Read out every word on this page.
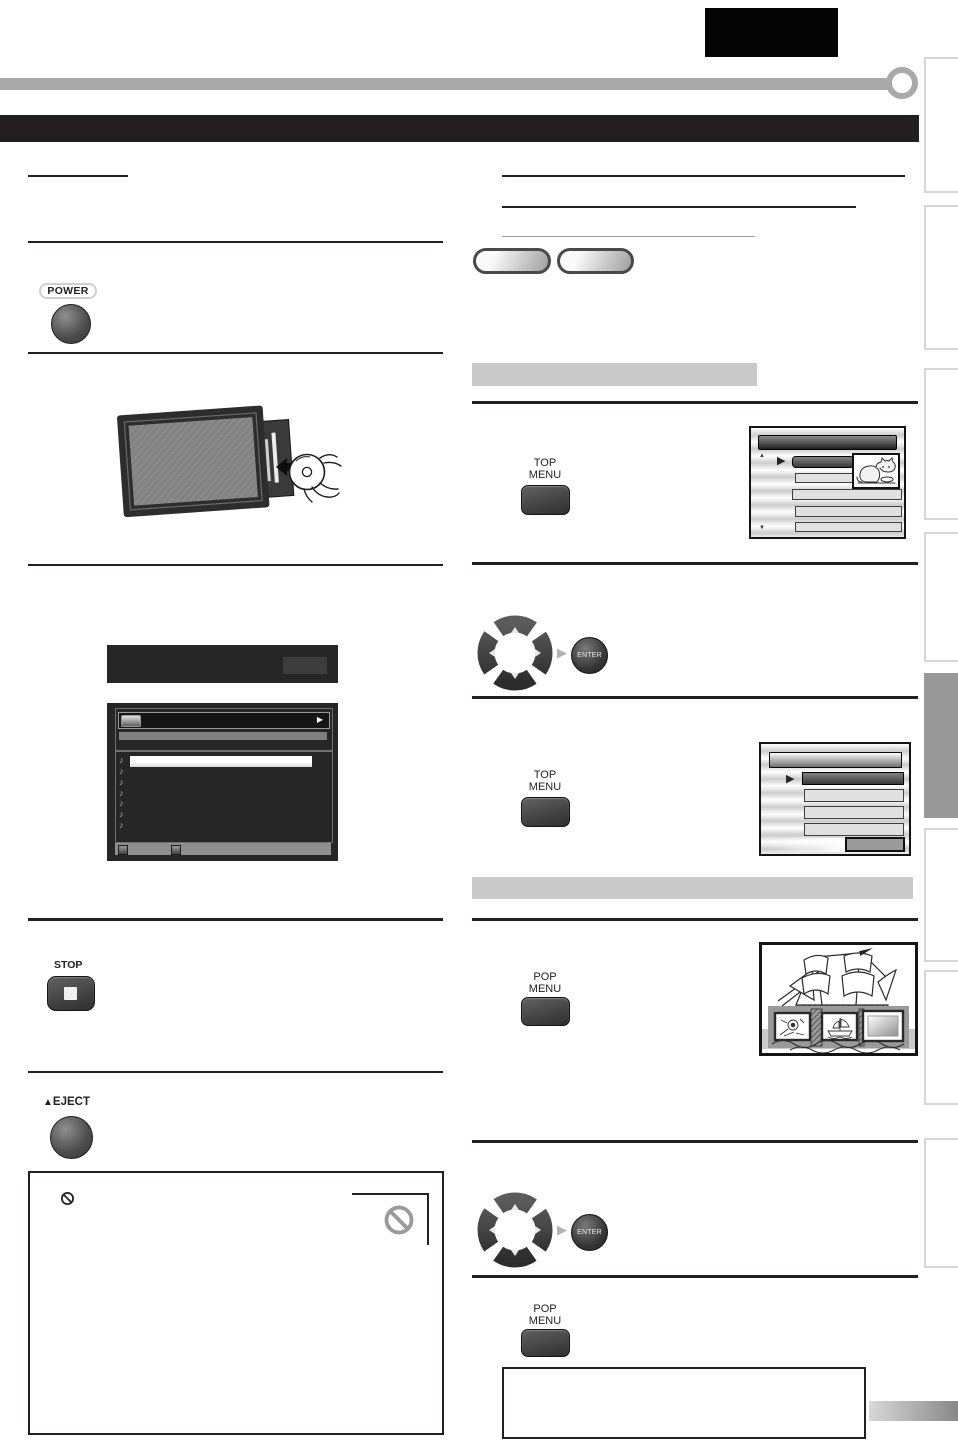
POWER
▶
♪
♪
♪
♪
♪
♪
♪
STOP
▲EJECT
TOP
MENU
▲ ▶
▼
▶ ENTER
TOP
MENU
▶
POP
MENU
▶ ENTER
POP
MENU
